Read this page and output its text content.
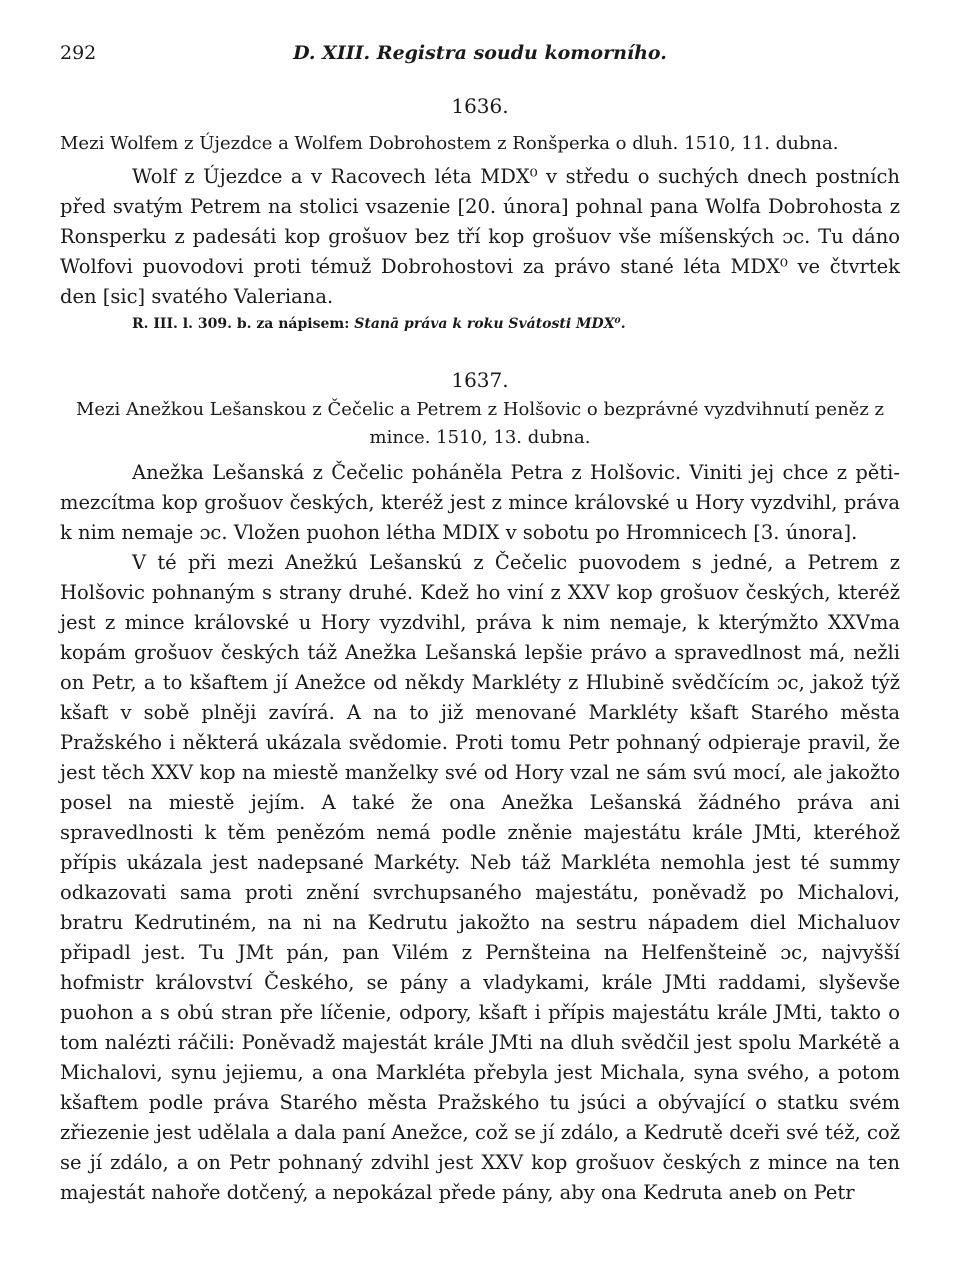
292	D. XIII. Registra soudu komorního.

1636.

Mezi Wolfem z Újezdce a Wolfem Dobrohostem z Ronšperka o dluh. 1510, 11. dubna.

Wolf z Újezdce a v Racovech léta MDX⁰ v středu o suchých dnech postních před svatým Petrem na stolici vsazenie [20. února] pohnal pana Wolfa Dobrohosta z Ronsperku z padesáti kop grošuov bez tří kop grošuov vše míšenských ɔc. Tu dáno Wolfovi puovodovi proti témuž Dobrohostovi za právo stané léta MDX⁰ ve čtvrtek den [sic] svatého Valeriana.

R. III. l. 309. b. za nápisem: Stanā práva k roku Svátosti MDX⁰.

1637.

Mezi Anežkou Lešanskou z Čečelic a Petrem z Holšovic o bezprávné vyzdvihnutí peněz z mince. 1510, 13. dubna.

Anežka Lešanská z Čečelic poháněla Petra z Holšovic. Viniti jej chce z pěti-mezcítma kop grošuov českých, kteréž jest z mince královské u Hory vyzdvihl, práva k nim nemaje ɔc. Vložen puohon létha MDIX v sobotu po Hromnicech [3. února].

V té při mezi Anežkú Lešanskú z Čečelic puovodem s jedné, a Petrem z Holšovic pohnaným s strany druhé. Kdež ho viní z XXV kop grošuov českých, kteréž jest z mince královské u Hory vyzdvihl, práva k nim nemaje, k kterýmžto XXVma kopám grošuov českých táž Anežka Lešanská lepšie právo a spravedlnost má, nežli on Petr, a to kšaftem jí Anežce od někdy Markléty z Hlubině svědčícím ɔc, jakož týž kšaft v sobě plněji zavírá. A na to již menované Markléty kšaft Starého města Pražského i některá ukázala svědomie. Proti tomu Petr pohnaný odpieraje pravil, že jest těch XXV kop na miestě manželky své od Hory vzal ne sám svú mocí, ale jakožto posel na miestě jejím. A také že ona Anežka Lešanská žádného práva ani spravedlnosti k těm penězóm nemá podle zněnie majestátu krále JMti, kteréhož přípis ukázala jest nadepsané Markéty. Neb táž Markléta nemohla jest té summy odkazovati sama proti znění svrchupsaného majestátu, poněvadž po Michalovi, bratru Kedrutiném, na ni na Kedrutu jakožto na sestru nápadem diel Michaluov připadl jest. Tu JMt pán, pan Vilém z Pernšteina na Helfenšteině ɔc, najvyšší hofmistr království Českého, se pány a vladykami, krále JMti raddami, slyševše puohon a s obú stran pře líčenie, odpory, kšaft i přípis majestátu krále JMti, takto o tom nalézti ráčili: Poněvadž majestát krále JMti na dluh svědčil jest spolu Markétě a Michalovi, synu jejiemu, a ona Markléta přebyla jest Michala, syna svého, a potom kšaftem podle práva Starého města Pražského tu jsúci a obývající o statku svém zřiezenie jest udělala a dala paní Anežce, což se jí zdálo, a Kedrutě dceři své též, což se jí zdálo, a on Petr pohnaný zdvihl jest XXV kop grošuov českých z mince na ten majestát nahoře dotčený, a nepokázal přede pány, aby ona Kedruta aneb on Petr
